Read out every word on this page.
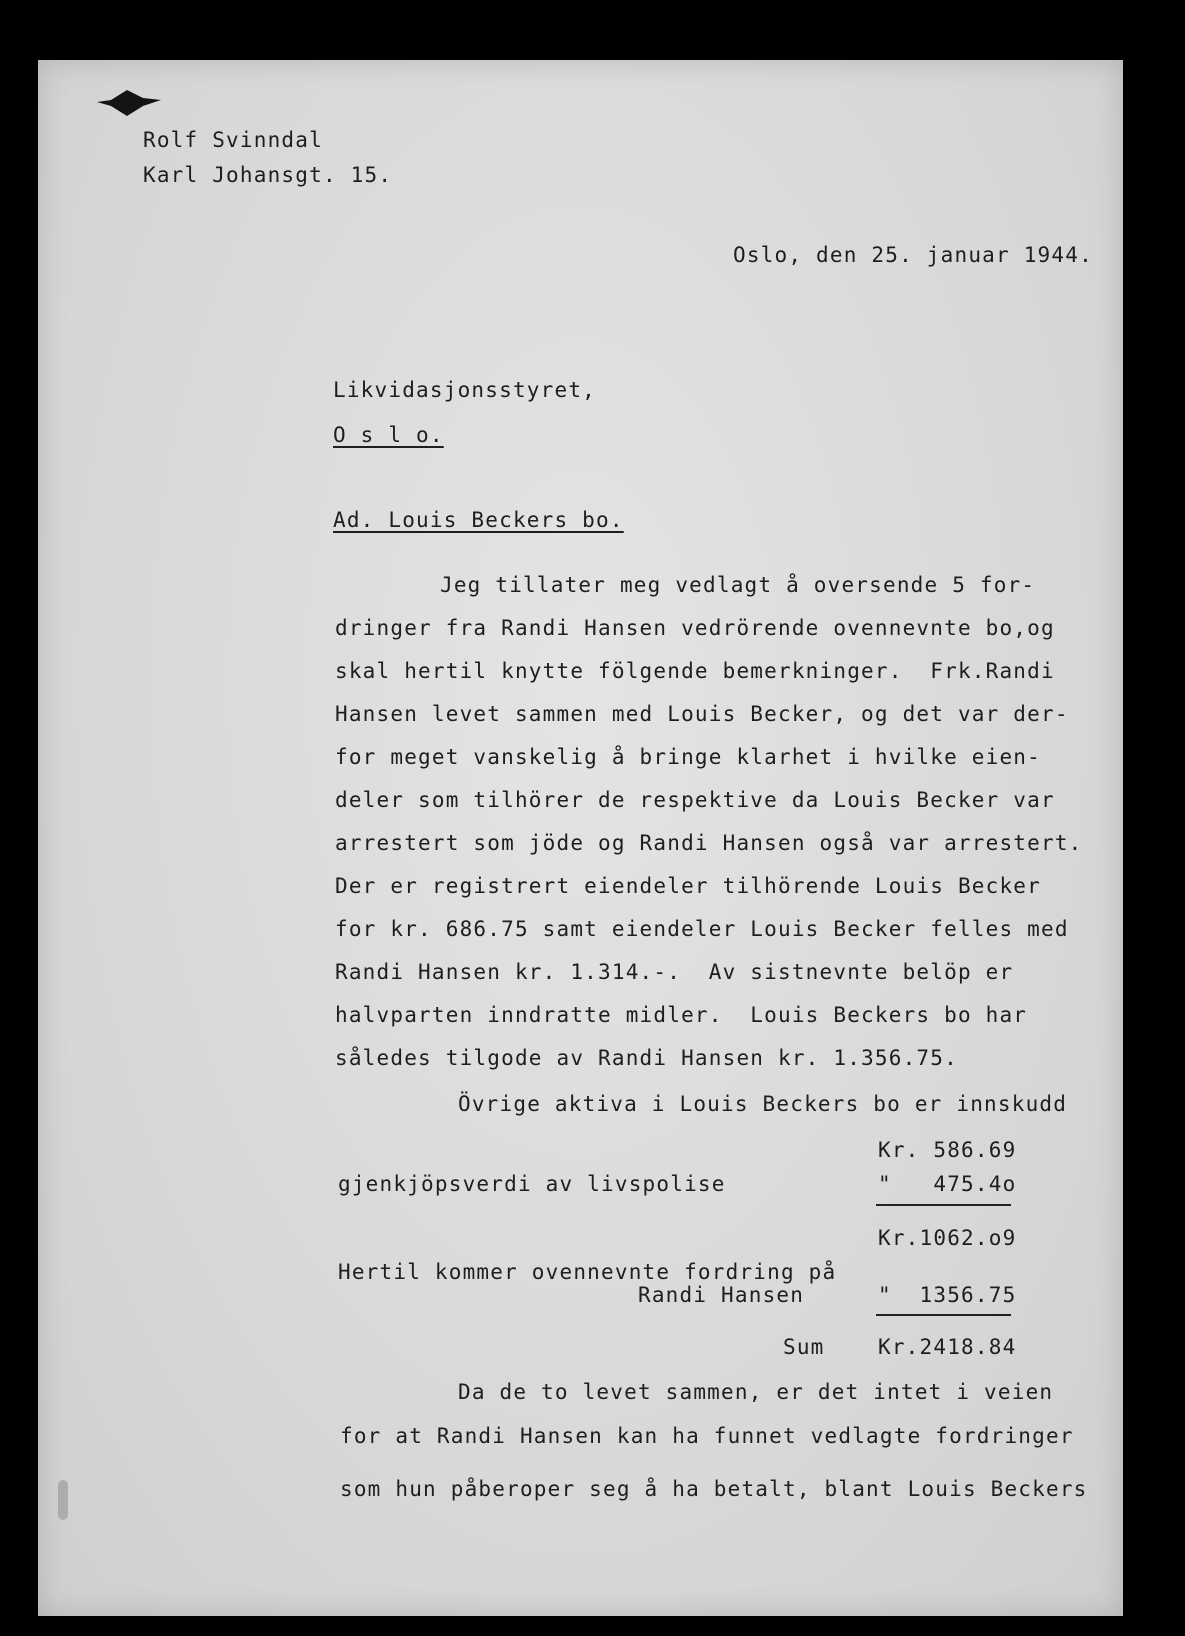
Rolf Svinndal
Karl Johansgt. 15.
Oslo, den 25. januar 1944.
Likvidasjonsstyret,
O s l o.
Ad. Louis Beckers bo.
Jeg tillater meg vedlagt å oversende 5 for-
dringer fra Randi Hansen vedrörende ovennevnte bo,og
skal hertil knytte fölgende bemerkninger.  Frk.Randi
Hansen levet sammen med Louis Becker, og det var der-
for meget vanskelig å bringe klarhet i hvilke eien-
deler som tilhörer de respektive da Louis Becker var
arrestert som jöde og Randi Hansen også var arrestert.
Der er registrert eiendeler tilhörende Louis Becker
for kr. 686.75 samt eiendeler Louis Becker felles med
Randi Hansen kr. 1.314.-.  Av sistnevnte belöp er
halvparten inndratte midler.  Louis Beckers bo har
således tilgode av Randi Hansen kr. 1.356.75.
Övrige aktiva i Louis Beckers bo er innskudd
Kr. 586.69
gjenkjöpsverdi av livspolise	"   475.4o
Kr.1062.o9
Hertil kommer ovennevnte fordring på
Randi Hansen	"  1356.75
Sum	Kr.2418.84
Da de to levet sammen, er det intet i veien
for at Randi Hansen kan ha funnet vedlagte fordringer
som hun påberoper seg å ha betalt, blant Louis Beckers
